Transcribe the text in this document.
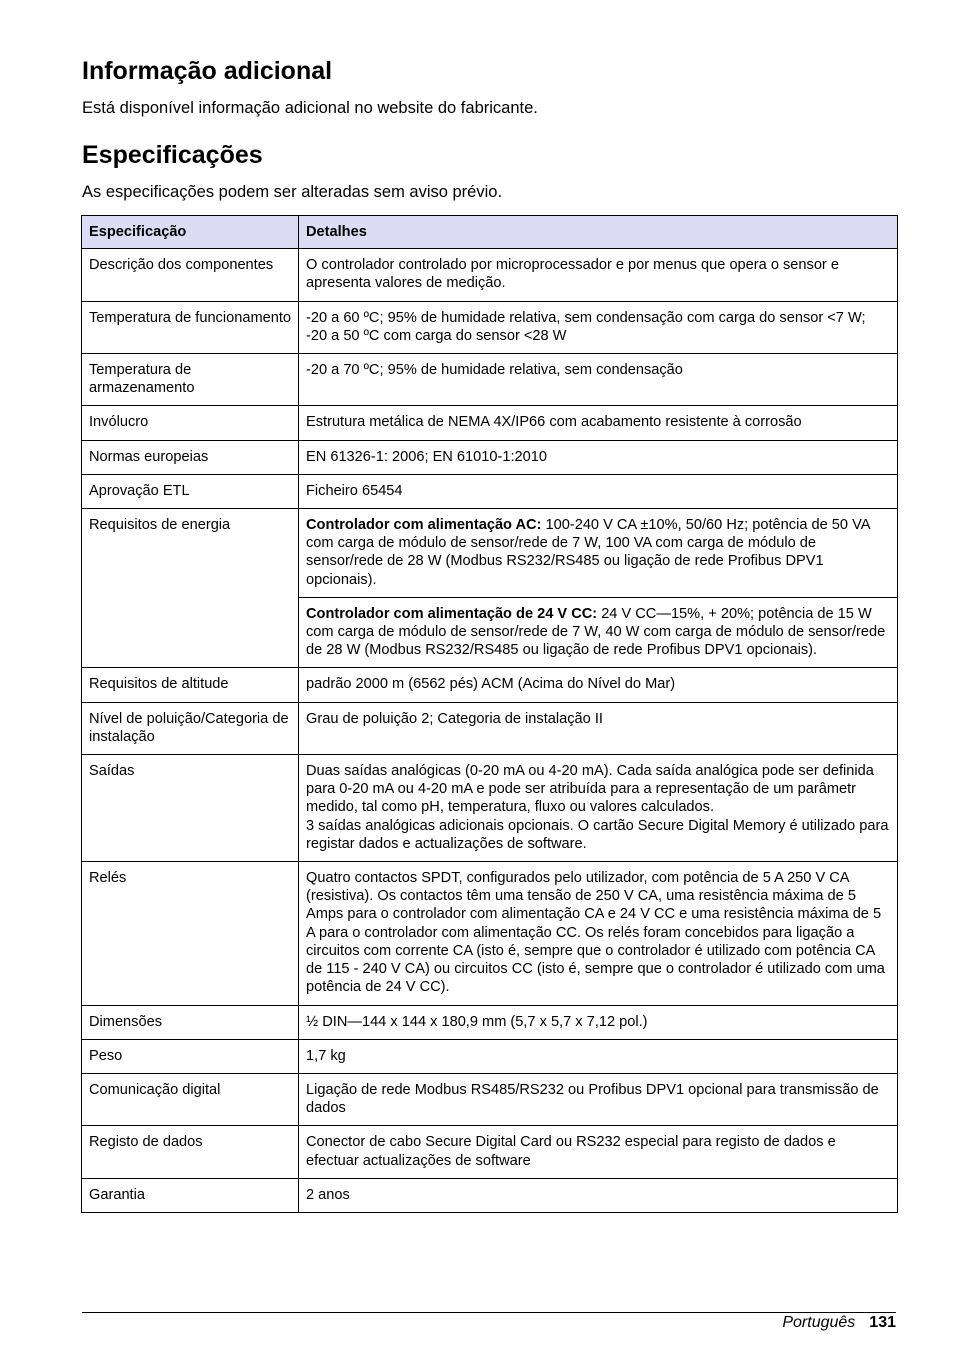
Informação adicional

Está disponível informação adicional no website do fabricante.

Especificações

As especificações podem ser alteradas sem aviso prévio.

Especificação	Detalhes
Descrição dos componentes	O controlador controlado por microprocessador e por menus que opera o sensor e apresenta valores de medição.
Temperatura de funcionamento	-20 a 60 ºC; 95% de humidade relativa, sem condensação com carga do sensor <7 W; -20 a 50 ºC com carga do sensor <28 W
Temperatura de armazenamento	-20 a 70 ºC; 95% de humidade relativa, sem condensação
Invólucro	Estrutura metálica de NEMA 4X/IP66 com acabamento resistente à corrosão
Normas europeias	EN 61326-1: 2006; EN 61010-1:2010
Aprovação ETL	Ficheiro 65454
Requisitos de energia	Controlador com alimentação AC: 100-240 V CA ±10%, 50/60 Hz; potência de 50 VA com carga de módulo de sensor/rede de 7 W, 100 VA com carga de módulo de sensor/rede de 28 W (Modbus RS232/RS485 ou ligação de rede Profibus DPV1 opcionais).
	Controlador com alimentação de 24 V CC: 24 V CC—15%, + 20%; potência de 15 W com carga de módulo de sensor/rede de 7 W, 40 W com carga de módulo de sensor/rede de 28 W (Modbus RS232/RS485 ou ligação de rede Profibus DPV1 opcionais).
Requisitos de altitude	padrão 2000 m (6562 pés) ACM (Acima do Nível do Mar)
Nível de poluição/Categoria de instalação	Grau de poluição 2; Categoria de instalação II
Saídas	Duas saídas analógicas (0-20 mA ou 4-20 mA). Cada saída analógica pode ser definida para 0-20 mA ou 4-20 mA e pode ser atribuída para a representação de um parâmetr medido, tal como pH, temperatura, fluxo ou valores calculados.
3 saídas analógicas adicionais opcionais. O cartão Secure Digital Memory é utilizado para registar dados e actualizações de software.

Relés	Quatro contactos SPDT, configurados pelo utilizador, com potência de 5 A 250 V CA (resistiva). Os contactos têm uma tensão de 250 V CA, uma resistência máxima de 5 Amps para o controlador com alimentação CA e 24 V CC e uma resistência máxima de 5 A para o controlador com alimentação CC. Os relés foram concebidos para ligação a circuitos com corrente CA (isto é, sempre que o controlador é utilizado com potência CA de 115 - 240 V CA) ou circuitos CC (isto é, sempre que o controlador é utilizado com uma potência de 24 V CC).
Dimensões	½ DIN—144 x 144 x 180,9 mm (5,7 x 5,7 x 7,12 pol.)
Peso	1,7 kg
Comunicação digital	Ligação de rede Modbus RS485/RS232 ou Profibus DPV1 opcional para transmissão de dados
Registo de dados	Conector de cabo Secure Digital Card ou RS232 especial para registo de dados e efectuar actualizações de software
Garantia	2 anos
Português 131
